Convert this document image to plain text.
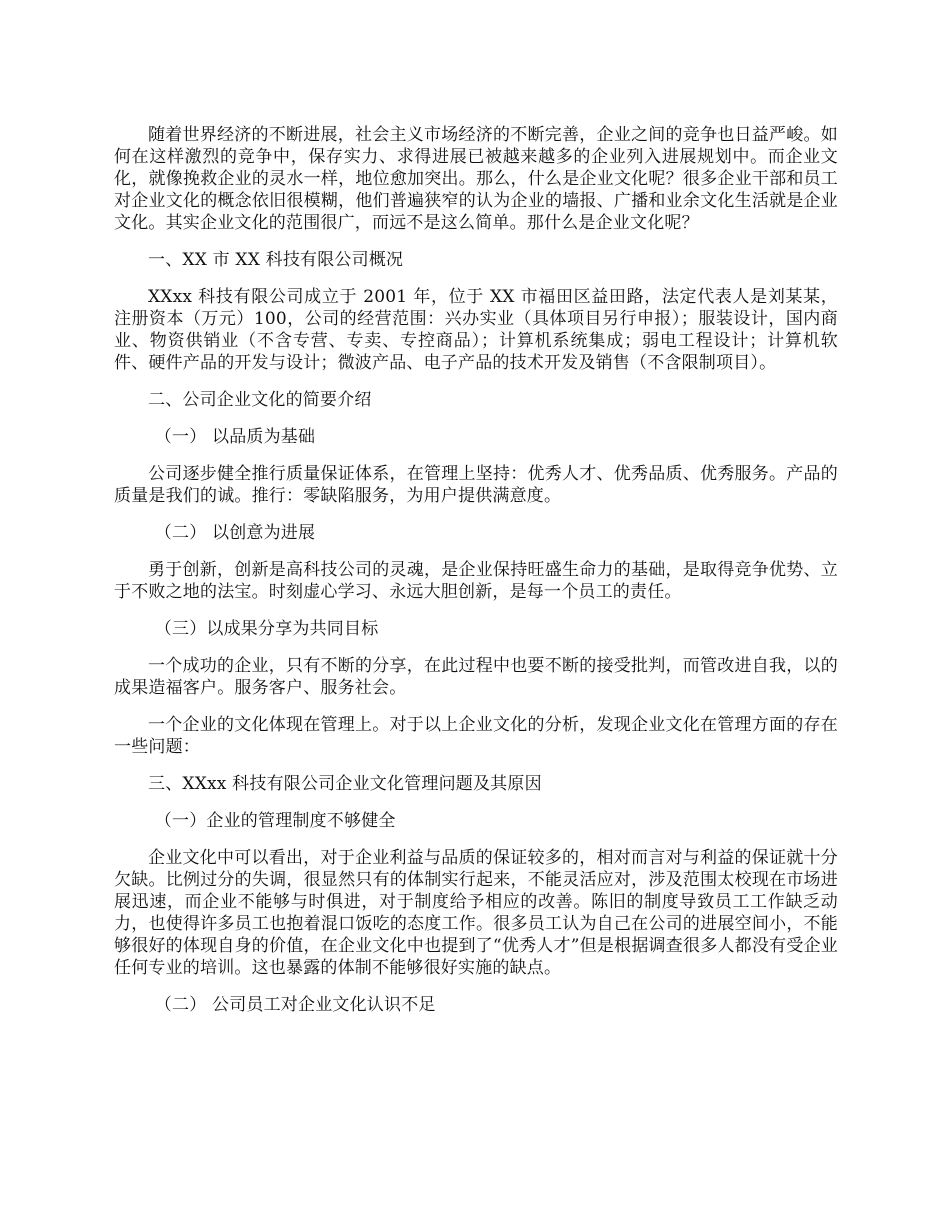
随着世界经济的不断进展，社会主义市场经济的不断完善，企业之间的竞争也日益严峻。如何在这样激烈的竞争中，保存实力、求得进展已被越来越多的企业列入进展规划中。而企业文化，就像挽救企业的灵水一样，地位愈加突出。那么，什么是企业文化呢？很多企业干部和员工对企业文化的概念依旧很模糊，他们普遍狭窄的认为企业的墙报、广播和业余文化生活就是企业文化。其实企业文化的范围很广，而远不是这么简单。那什么是企业文化呢？

一、XX 市 XX 科技有限公司概况

XXxx 科技有限公司成立于 2001 年，位于 XX 市福田区益田路，法定代表人是刘某某，注册资本（万元）100，公司的经营范围：兴办实业（具体项目另行申报）；服装设计，国内商业、物资供销业（不含专营、专卖、专控商品）；计算机系统集成；弱电工程设计；计算机软件、硬件产品的开发与设计；微波产品、电子产品的技术开发及销售（不含限制项目）。

二、公司企业文化的简要介绍

（一） 以品质为基础

公司逐步健全推行质量保证体系，在管理上坚持：优秀人才、优秀品质、优秀服务。产品的质量是我们的诚。推行：零缺陷服务，为用户提供满意度。

（二） 以创意为进展

勇于创新，创新是高科技公司的灵魂，是企业保持旺盛生命力的基础，是取得竞争优势、立于不败之地的法宝。时刻虚心学习、永远大胆创新，是每一个员工的责任。

（三）以成果分享为共同目标

一个成功的企业，只有不断的分享，在此过程中也要不断的接受批判，而管改进自我，以的成果造福客户。服务客户、服务社会。

一个企业的文化体现在管理上。对于以上企业文化的分析，发现企业文化在管理方面的存在一些问题：

三、XXxx 科技有限公司企业文化管理问题及其原因

（一）企业的管理制度不够健全

企业文化中可以看出，对于企业利益与品质的保证较多的，相对而言对与利益的保证就十分欠缺。比例过分的失调，很显然只有的体制实行起来，不能灵活应对，涉及范围太校现在市场进展迅速，而企业不能够与时俱进，对于制度给予相应的改善。陈旧的制度导致员工工作缺乏动力，也使得许多员工也抱着混口饭吃的态度工作。很多员工认为自己在公司的进展空间小，不能够很好的体现自身的价值，在企业文化中也提到了“优秀人才”但是根据调查很多人都没有受企业任何专业的培训。这也暴露的体制不能够很好实施的缺点。

（二） 公司员工对企业文化认识不足
